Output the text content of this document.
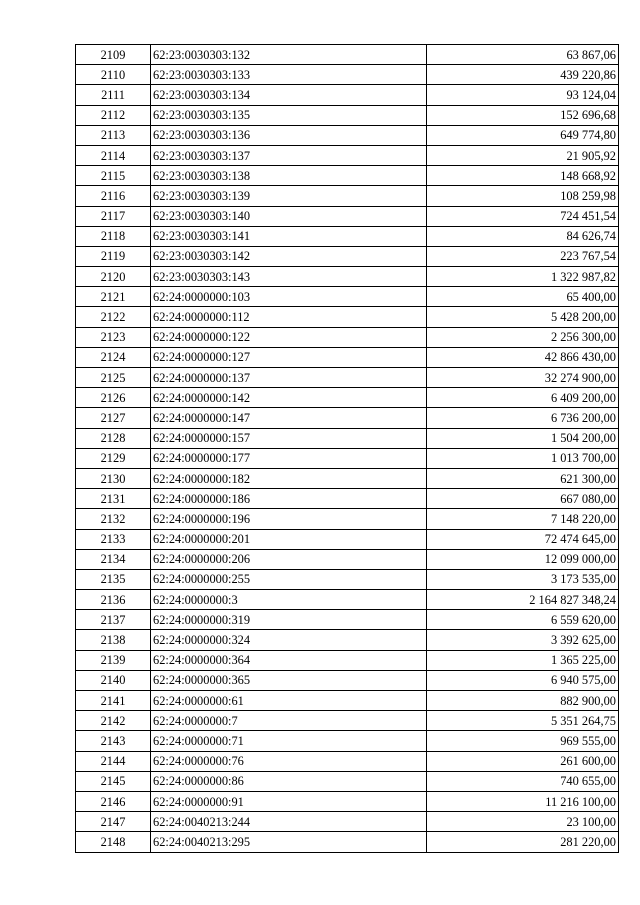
2109	62:23:0030303:132	63 867,06
2110	62:23:0030303:133	439 220,86
2111	62:23:0030303:134	93 124,04
2112	62:23:0030303:135	152 696,68
2113	62:23:0030303:136	649 774,80
2114	62:23:0030303:137	21 905,92
2115	62:23:0030303:138	148 668,92
2116	62:23:0030303:139	108 259,98
2117	62:23:0030303:140	724 451,54
2118	62:23:0030303:141	84 626,74
2119	62:23:0030303:142	223 767,54
2120	62:23:0030303:143	1 322 987,82
2121	62:24:0000000:103	65 400,00
2122	62:24:0000000:112	5 428 200,00
2123	62:24:0000000:122	2 256 300,00
2124	62:24:0000000:127	42 866 430,00
2125	62:24:0000000:137	32 274 900,00
2126	62:24:0000000:142	6 409 200,00
2127	62:24:0000000:147	6 736 200,00
2128	62:24:0000000:157	1 504 200,00
2129	62:24:0000000:177	1 013 700,00
2130	62:24:0000000:182	621 300,00
2131	62:24:0000000:186	667 080,00
2132	62:24:0000000:196	7 148 220,00
2133	62:24:0000000:201	72 474 645,00
2134	62:24:0000000:206	12 099 000,00
2135	62:24:0000000:255	3 173 535,00
2136	62:24:0000000:3	2 164 827 348,24
2137	62:24:0000000:319	6 559 620,00
2138	62:24:0000000:324	3 392 625,00
2139	62:24:0000000:364	1 365 225,00
2140	62:24:0000000:365	6 940 575,00
2141	62:24:0000000:61	882 900,00
2142	62:24:0000000:7	5 351 264,75
2143	62:24:0000000:71	969 555,00
2144	62:24:0000000:76	261 600,00
2145	62:24:0000000:86	740 655,00
2146	62:24:0000000:91	11 216 100,00
2147	62:24:0040213:244	23 100,00
2148	62:24:0040213:295	281 220,00
